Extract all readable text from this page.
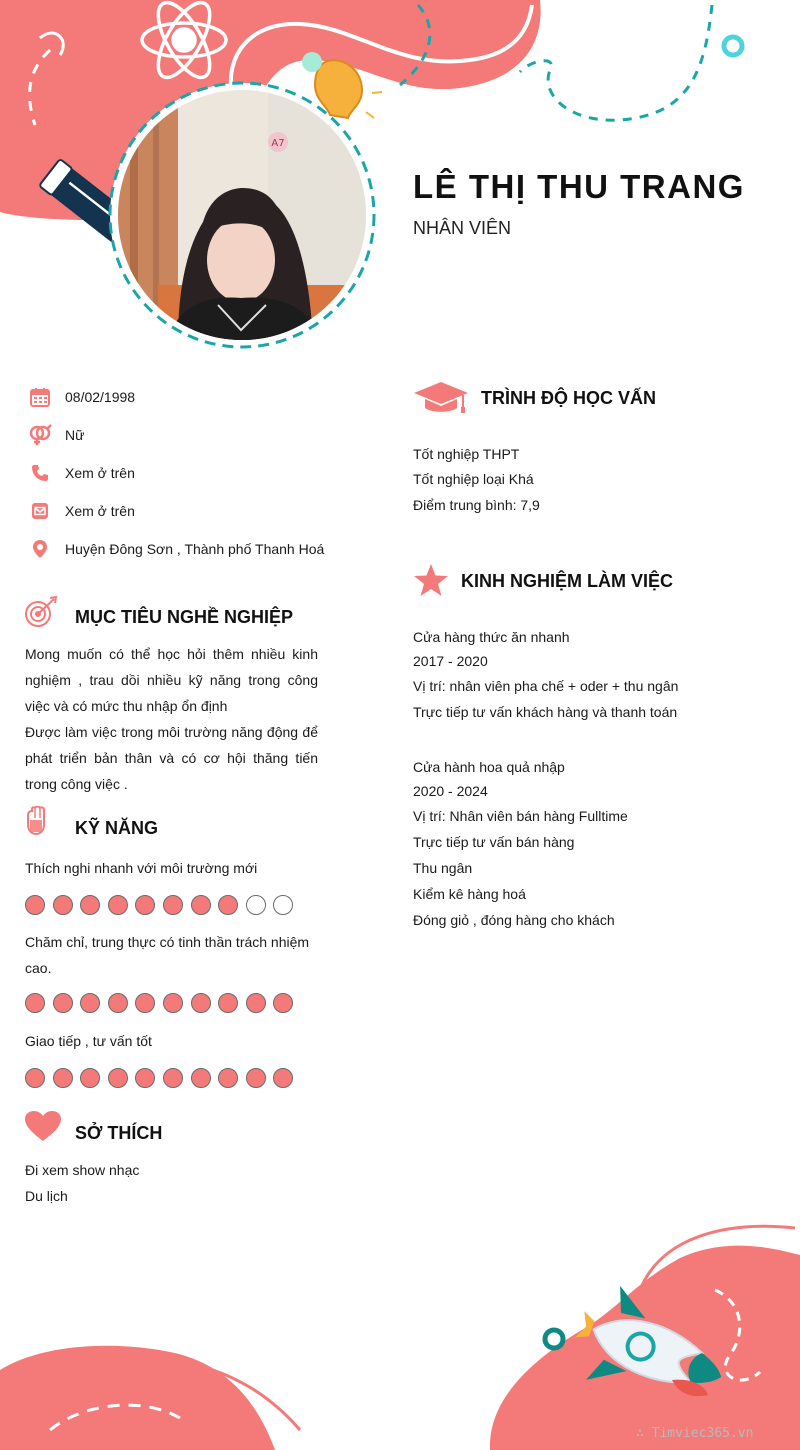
A7
LÊ THỊ THU TRANG
NHÂN VIÊN
08/02/1998
Nữ
Xem ở trên
Xem ở trên
Huyện Đông Sơn , Thành phố Thanh Hoá
MỤC TIÊU NGHỀ NGHIỆP

Mong muốn có thể học hỏi thêm nhiều kinh nghiệm , trau dồi nhiều kỹ năng trong công việc và có mức thu nhập ổn định

Được làm việc trong môi trường năng động để phát triển bản thân và có cơ hội thăng tiến trong công việc .

KỸ NĂNG
Thích nghi nhanh với môi trường mới
Chăm chỉ, trung thực có tinh thần trách nhiệm cao.
Giao tiếp , tư vấn tốt
SỞ THÍCH
Đi xem show nhạc
Du lịch
TRÌNH ĐỘ HỌC VẤN
Tốt nghiệp THPT
Tốt nghiệp loại Khá
Điểm trung bình: 7,9
KINH NGHIỆM LÀM VIỆC
Cửa hàng thức ăn nhanh
2017 - 2020
Vị trí: nhân viên pha chế + oder + thu ngân
Trực tiếp tư vấn khách hàng và thanh toán
Cửa hành hoa quả nhập
2020 - 2024
Vị trí: Nhân viên bán hàng Fulltime
Trực tiếp tư vấn bán hàng
Thu ngân
Kiểm kê hàng hoá
Đóng giỏ , đóng hàng cho khách
∴ Timviec365.vn
